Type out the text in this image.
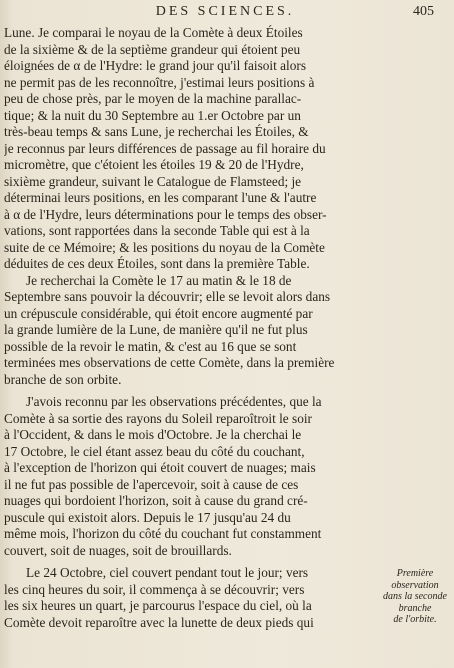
DES SCIENCES.	405
Lune. Je comparai le noyau de la Comète à deux Étoiles
de la sixième & de la septième grandeur qui étoient peu
éloignées de α de l'Hydre: le grand jour qu'il faisoit alors
ne permit pas de les reconnoître, j'estimai leurs positions à
peu de chose près, par le moyen de la machine parallac-
tique; & la nuit du 30 Septembre au 1.er Octobre par un
très-beau temps & sans Lune, je recherchai les Étoiles, &
je reconnus par leurs différences de passage au fil horaire du
micromètre, que c'étoient les étoiles 19 & 20 de l'Hydre,
sixième grandeur, suivant le Catalogue de Flamsteed; je
déterminai leurs positions, en les comparant l'une & l'autre
à α de l'Hydre, leurs déterminations pour le temps des obser-
vations, sont rapportées dans la seconde Table qui est à la
suite de ce Mémoire; & les positions du noyau de la Comète
déduites de ces deux Étoiles, sont dans la première Table.
Je recherchai la Comète le 17 au matin & le 18 de
Septembre sans pouvoir la découvrir; elle se levoit alors dans
un crépuscule considérable, qui étoit encore augmenté par
la grande lumière de la Lune, de manière qu'il ne fut plus
possible de la revoir le matin, & c'est au 16 que se sont
terminées mes observations de cette Comète, dans la première
branche de son orbite.
J'avois reconnu par les observations précédentes, que la
Comète à sa sortie des rayons du Soleil reparoîtroit le soir
à l'Occident, & dans le mois d'Octobre. Je la cherchai le
17 Octobre, le ciel étant assez beau du côté du couchant,
à l'exception de l'horizon qui étoit couvert de nuages; mais
il ne fut pas possible de l'apercevoir, soit à cause de ces
nuages qui bordoient l'horizon, soit à cause du grand cré-
puscule qui existoit alors. Depuis le 17 jusqu'au 24 du
même mois, l'horizon du côté du couchant fut constamment
couvert, soit de nuages, soit de brouillards.
Le 24 Octobre, ciel couvert pendant tout le jour; vers
les cinq heures du soir, il commença à se découvrir; vers
les six heures un quart, je parcourus l'espace du ciel, où la
Comète devoit reparoître avec la lunette de deux pieds qui
Première
observation
dans la seconde
branche
de l'orbite.
